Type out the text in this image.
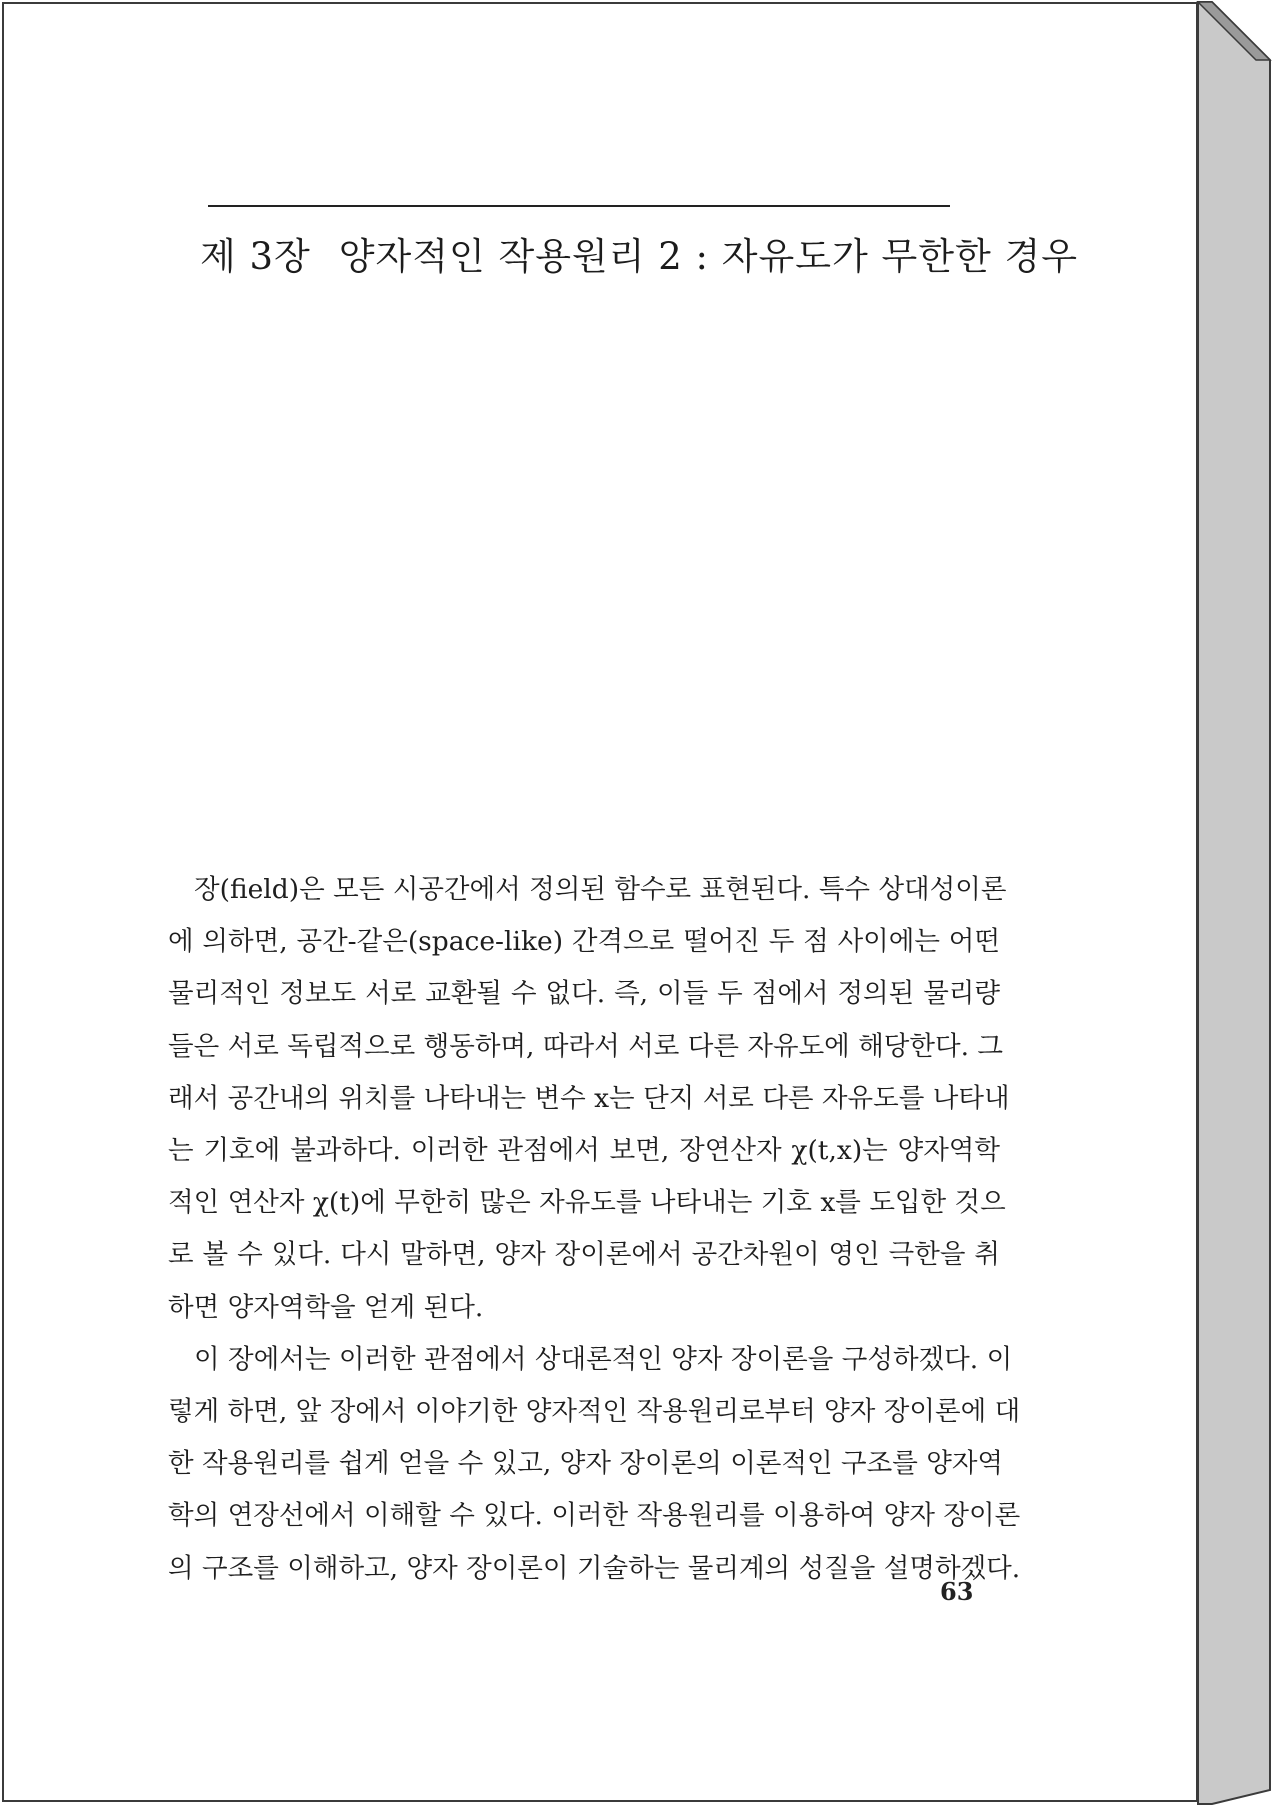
제 3장 양자적인 작용원리 2 : 자유도가 무한한 경우

장(field)은 모든 시공간에서 정의된 함수로 표현된다. 특수 상대성이론
에 의하면, 공간-같은(space-like) 간격으로 떨어진 두 점 사이에는 어떤
물리적인 정보도 서로 교환될 수 없다. 즉, 이들 두 점에서 정의된 물리량
들은 서로 독립적으로 행동하며, 따라서 서로 다른 자유도에 해당한다. 그
래서 공간내의 위치를 나타내는 변수 x는 단지 서로 다른 자유도를 나타내
는 기호에 불과하다. 이러한 관점에서 보면, 장연산자 χ(t,x)는 양자역학
적인 연산자 χ(t)에 무한히 많은 자유도를 나타내는 기호 x를 도입한 것으
로 볼 수 있다. 다시 말하면, 양자 장이론에서 공간차원이 영인 극한을 취
하면 양자역학을 얻게 된다.

이 장에서는 이러한 관점에서 상대론적인 양자 장이론을 구성하겠다. 이
렇게 하면, 앞 장에서 이야기한 양자적인 작용원리로부터 양자 장이론에 대
한 작용원리를 쉽게 얻을 수 있고, 양자 장이론의 이론적인 구조를 양자역
학의 연장선에서 이해할 수 있다. 이러한 작용원리를 이용하여 양자 장이론
의 구조를 이해하고, 양자 장이론이 기술하는 물리계의 성질을 설명하겠다.

63
